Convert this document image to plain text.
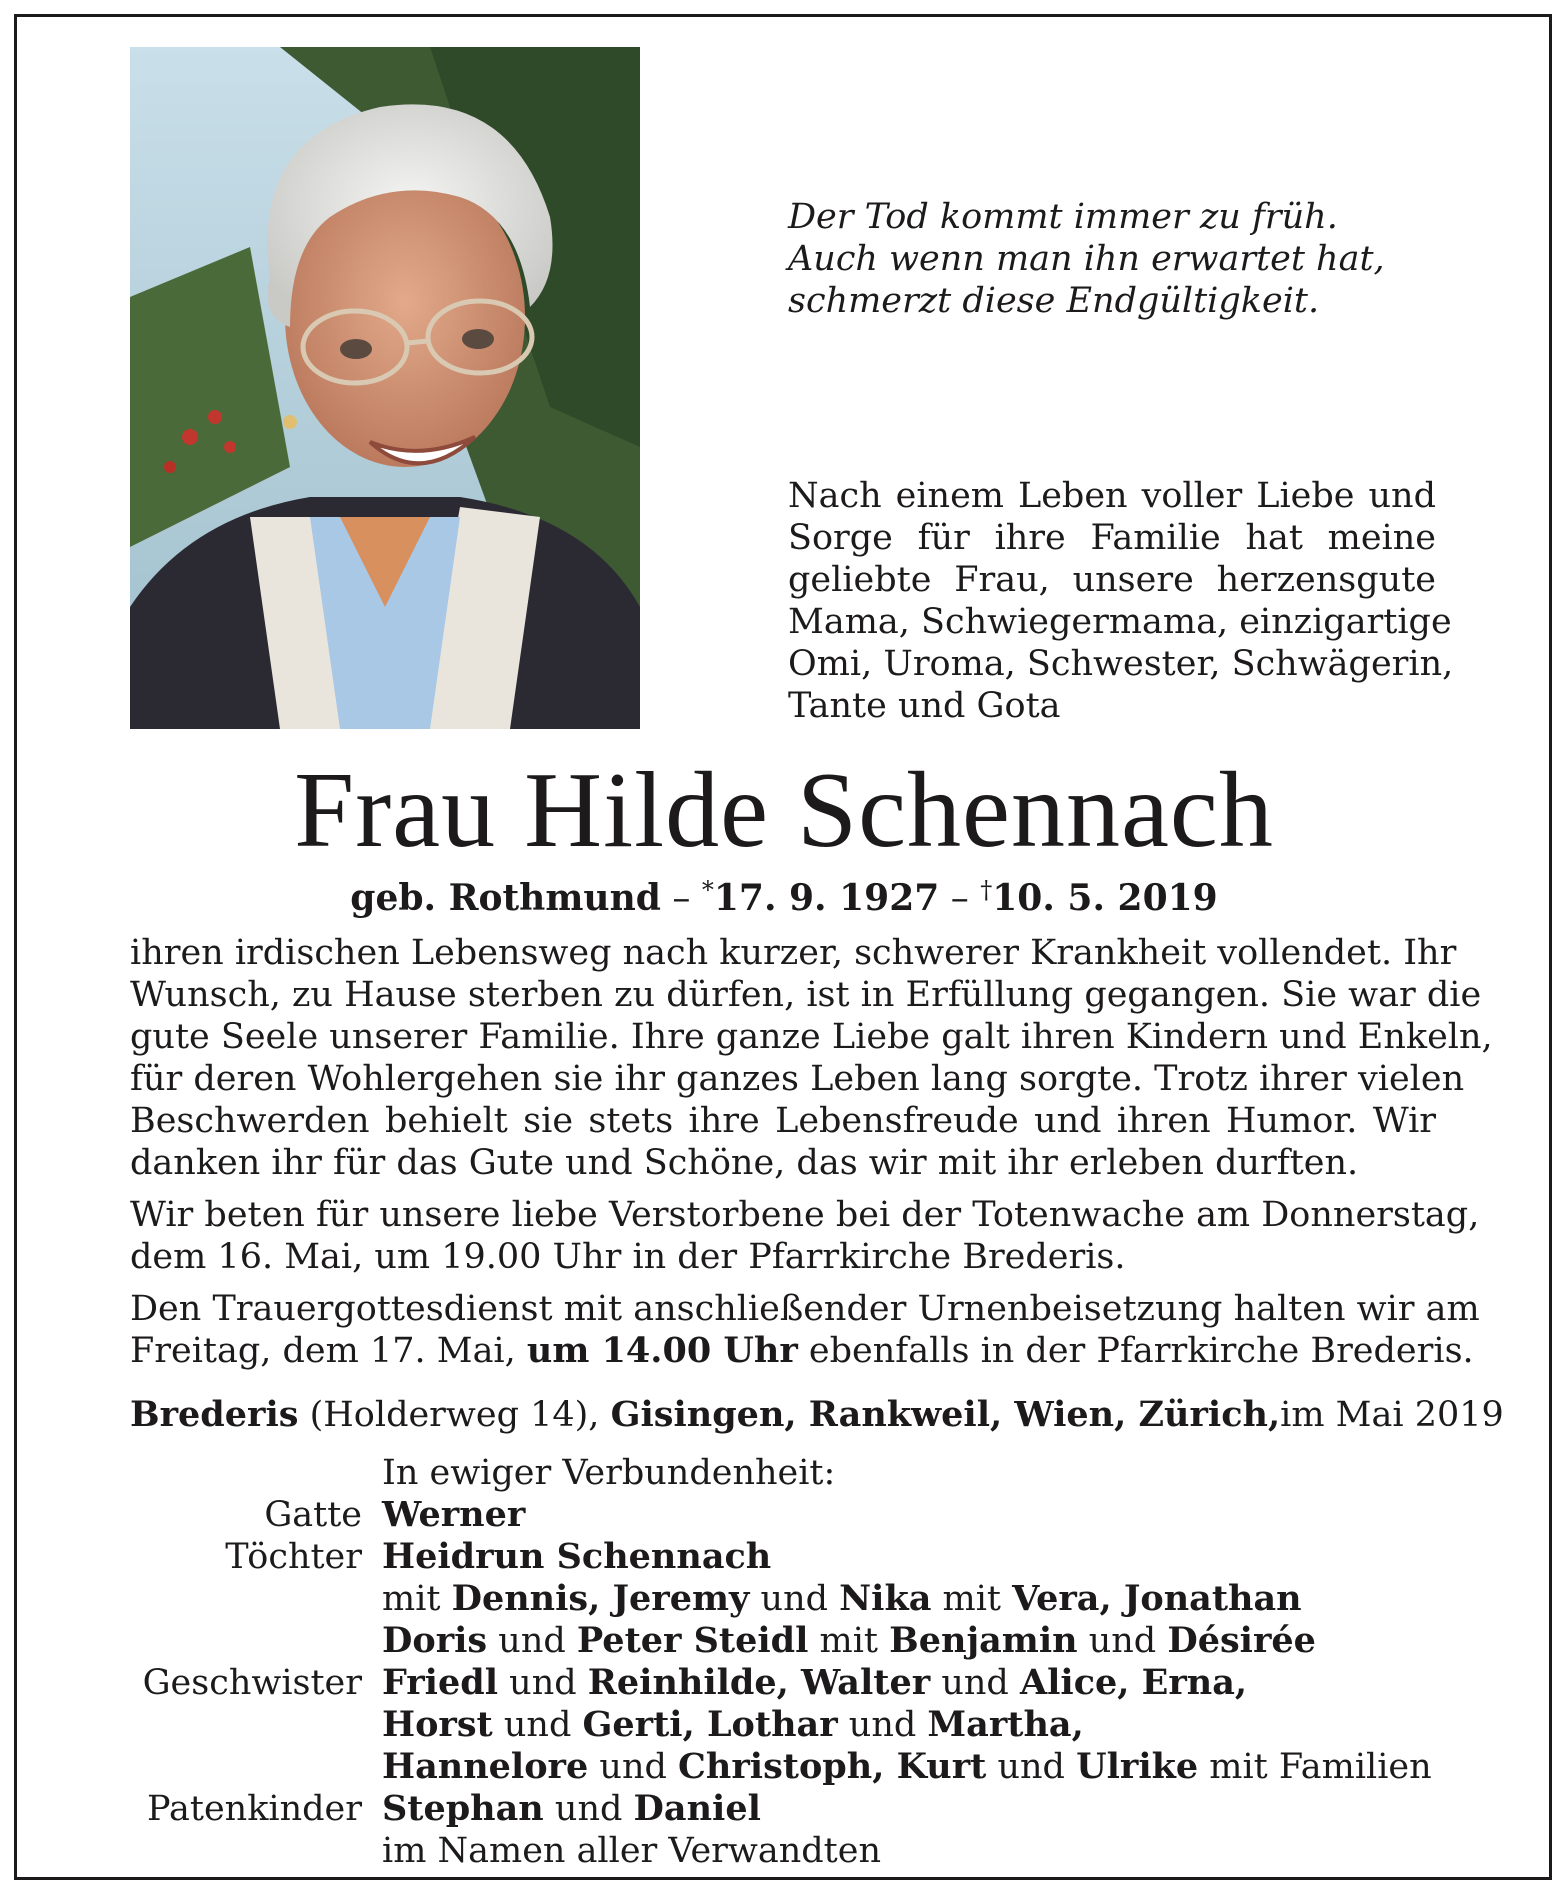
Der Tod kommt immer zu früh.
Auch wenn man ihn erwartet hat,
schmerzt diese Endgültigkeit.
Nach einem Leben voller Liebe und
Sorge für ihre Familie hat meine
geliebte Frau, unsere herzensgute
Mama, Schwiegermama, einzigartige
Omi, Uroma, Schwester, Schwägerin,
Tante und Gota
Frau Hilde Schennach
geb. Rothmund – *17. 9. 1927 – †10. 5. 2019

ihren irdischen Lebensweg nach kurzer, schwerer Krankheit vollendet. Ihr
Wunsch, zu Hause sterben zu dürfen, ist in Erfüllung gegangen. Sie war die
gute Seele unserer Familie. Ihre ganze Liebe galt ihren Kindern und Enkeln,
für deren Wohlergehen sie ihr ganzes Leben lang sorgte. Trotz ihrer vielen
Beschwerden behielt sie stets ihre Lebensfreude und ihren Humor. Wir
danken ihr für das Gute und Schöne, das wir mit ihr erleben durften.

Wir beten für unsere liebe Verstorbene bei der Totenwache am Donnerstag,
dem 16. Mai, um 19.00 Uhr in der Pfarrkirche Brederis.

Den Trauergottesdienst mit anschließender Urnenbeisetzung halten wir am
Freitag, dem 17. Mai, um 14.00 Uhr ebenfalls in der Pfarrkirche Brederis.

Brederis (Holderweg 14), Gisingen, Rankweil, Wien, Zürich, im Mai 2019
In ewiger Verbundenheit:
Gatte Werner
Töchter Heidrun Schennach
mit Dennis, Jeremy und Nika mit Vera, Jonathan
Doris und Peter Steidl mit Benjamin und Désirée
Geschwister Friedl und Reinhilde, Walter und Alice, Erna,
Horst und Gerti, Lothar und Martha,
Hannelore und Christoph, Kurt und Ulrike mit Familien
Patenkinder Stephan und Daniel
im Namen aller Verwandten
